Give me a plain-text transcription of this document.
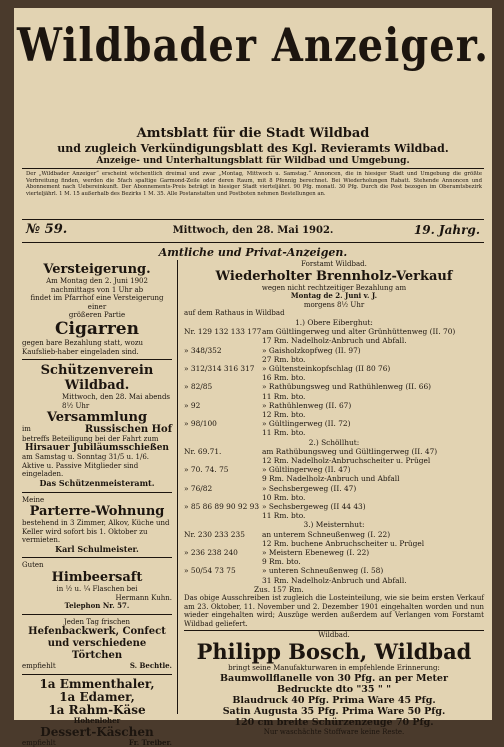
Wildbader Anzeiger.
Amtsblatt für die Stadt Wildbad
und zugleich Verkündigungsblatt des Kgl. Revieramts Wildbad.
Anzeige- und Unterhaltungsblatt für Wildbad und Umgebung.
Der „Wildbader Anzeiger“ erscheint wöchentlich dreimal und zwar „Montag, Mittwoch u. Samstag.“ Annoncen, die in hiesiger Stadt und Umgebung die größte Verbreitung finden, werden die 5fach spaltige Garmond-Zeile oder deren Raum, mit 8 Pfennig berechnet. Bei Wiederholungen Rabatt. Stehende Annoncen und Abonnement nach Uebereinkunft. Der Abonnements-Preis beträgt in hiesiger Stadt vierteljährl. 90 Pfg. monatl. 30 Pfg. Durch die Post bezogen im Oberamtsbezirk vierteljährl. 1 M. 15 außerhalb des Bezirks 1 M. 35. Alle Postanstalten und Postboten nehmen Bestellungen an.
№ 59.	Mittwoch, den 28. Mai 1902.	19. Jahrg.
Amtliche und Privat-Anzeigen.
Versteigerung.
Am Montag den 2. Juni 1902
nachmittags von 1 Uhr ab
findet im Pfarrhof eine Versteigerung einer
größeren Partie
Cigarren
gegen bare Bezahlung statt, wozu Kaufslieb-haber eingeladen sind.
Schützenverein Wildbad.
Mittwoch, den 28. Mai abends 8½ Uhr
Versammlung
im	Russischen Hof
betreffs Beteiligung bei der Fahrt zum
Hirsauer Jubiläumsschießen
am Samstag u. Sonntag 31/5 u. 1/6. Aktive u. Passive Mitglieder sind eingeladen.
Das Schützenmeisteramt.
Meine
Parterre-Wohnung
bestehend in 3 Zimmer, Alkov, Küche und Keller wird sofort bis 1. Oktober zu vermieten.
Karl Schulmeister.
Guten
Himbeersaft
in ½ u. ¼ Flaschen bei
Hermann Kuhn.
Telephon Nr. 57.
Jeden Tag frischen
Hefenbackwerk, Confect und verschiedene Törtchen
empfiehlt	S. Bechtle.
1a Emmenthaler,
1a Edamer,
1a Rahm-Käse
Hohenloher
Dessert-Käschen
empfiehlt	Fr. Treiber.
Forstamt Wildbad.
Wiederholter Brennholz-Verkauf
wegen nicht rechtzeitiger Bezahlung am
Montag de 2. Juni v. J.
morgens 8½ Uhr
auf dem Rathaus in Wildbad
1.) Obere Eiberghut:
Nr. 129 132 133 177 am Gültlingerweg und alter Grünhüttenweg (II. 70)
17 Rm. Nadelholz-Anbruch und Abfall.
» 348/352	» Gaisholzkopfweg (II. 97)
27 Rm. bto.
» 312/314 316 317	» Gültensteinkopfschlag (II 80 76)
16 Rm. bto.
» 82/85	» Rathübungsweg und Rathühlenweg (II. 66)
11 Rm. bto.
» 92	» Rathühlenweg (II. 67)
12 Rm. bto.
» 98/100	» Gültlingerweg (II. 72)
11 Rm. bto.
2.) Schöllhut:
Nr. 69.71.	am Rathübungsweg und Gültlingerweg (II. 47)
12 Rm. Nadelholz-Anbruchscheiter u. Prügel
» 70. 74. 75	» Gültlingerweg (II. 47)
9 Rm. Nadelholz-Anbruch und Abfall
» 76/82	» Sechsbergeweg (II. 47)
10 Rm. bto.
» 85 86 89 90 92 93 » Sechsbergeweg (II 44 43)
11 Rm. bto.
3.) Meisternhut:
Nr. 230 233 235	an unterem Schneußenweg (I. 22)
12 Rm. buchene Anbruchscheiter u. Prügel
» 236 238 240	» Meistern Ebeneweg (I. 22)
9 Rm. bto.
» 50/54 73 75	» unteren Schneußenweg (I. 58)
31 Rm. Nadelholz-Anbruch und Abfall.
Zus. 157 Rm.
Das obige Ausschreiben ist zugleich die Losteinteilung, wie sie beim ersten Verkauf am 23. Oktober, 11. November und 2. Dezember 1901 eingehalten worden und nun wieder eingehalten wird; Auszüge werden außerdem auf Verlangen vom Forstamt Wildbad geliefert.
Wildbad.
Philipp Bosch, Wildbad
bringt seine Manufakturwaren in empfehlende Erinnerung:
Baumwollflanelle von 30 Pfg. an per Meter
Bedruckte dto "35 " "
Blaudruck 40 Pfg. Prima Ware 45 Pfg.
Satin Augusta 35 Pfg. Prima Ware 50 Pfg.
120 cm breite Schürzenzeuge 70 Pfg.
Nur waschächte Stoffware keine Reste.
